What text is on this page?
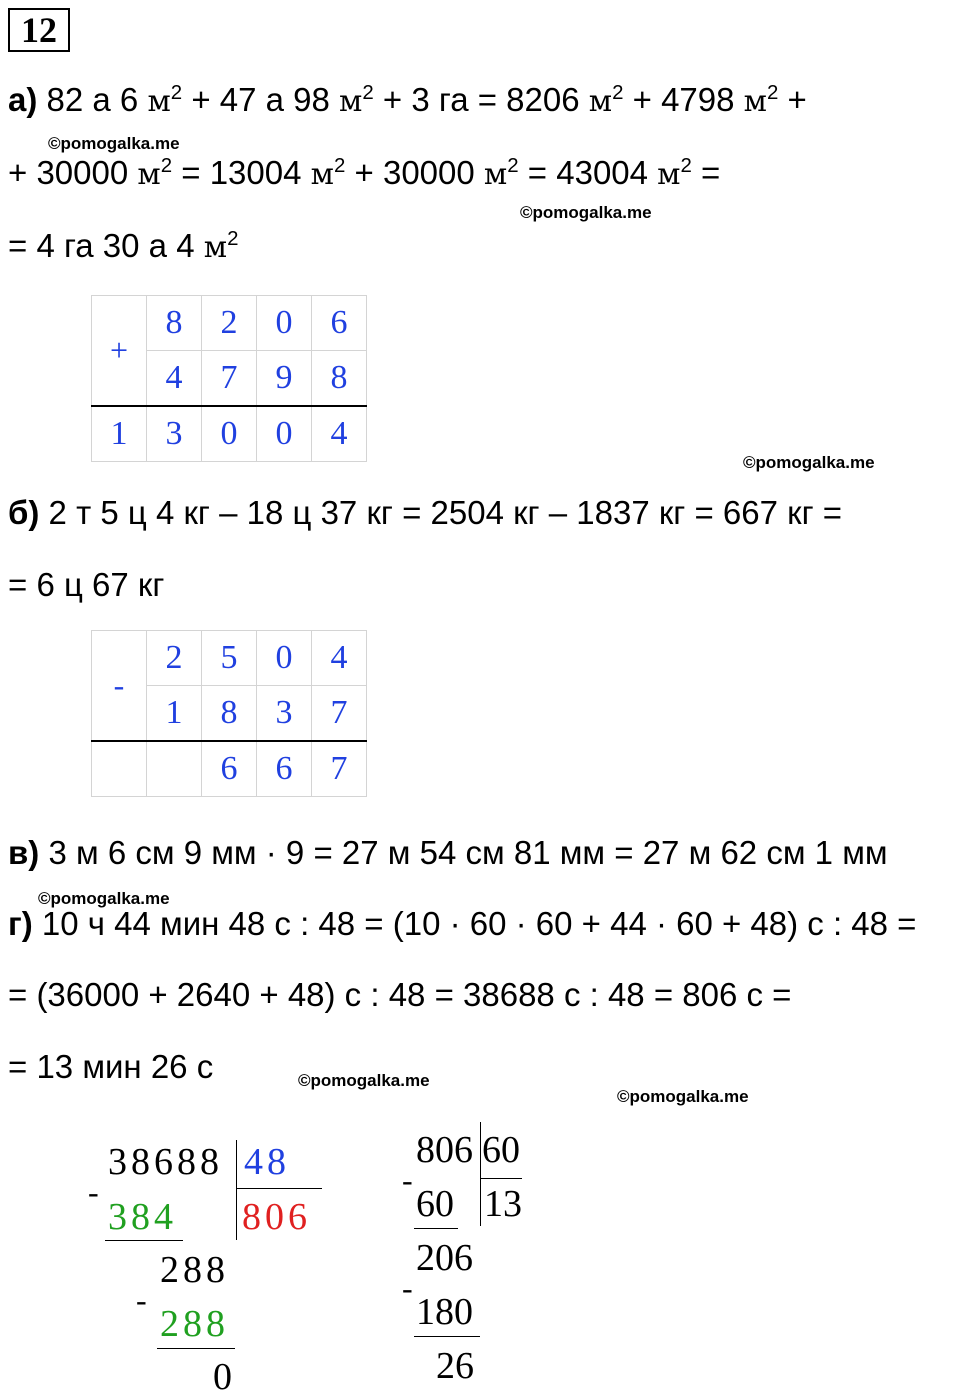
12
а) 82 а 6 $м^2 + 47$ а 98 $м^2 + 3$ га = 8206 $м^2 + 4798$ $м^2$ +
©pomogalka.me
+ 30000 $м^2 = 13004$ $м^2 + 30000$ $м^2 = 43004$ $м^2$ =
©pomogalka.me
= 4 га 30 а 4 $м^2$
+	8	2	0	6
	4	7	9	8
1	3	0	0	4
©pomogalka.me
б) 2 т 5 ц 4 кг – 18 ц 37 кг = 2504 кг – 1837 кг = 667 кг =
= 6 ц 67 кг
-	2	5	0	4
	1	8	3	7
		6	6	7
в) 3 м 6 см 9 мм · 9 = 27 м 54 см 81 мм = 27 м 62 см 1 мм
©pomogalka.me
г) 10 ч 44 мин 48 с : 48 = (10 · 60 · 60 + 44 · 60 + 48) с : 48 =
= (36000 + 2640 + 48) с : 48 = 38688 с : 48 = 806 с =
= 13 мин 26 с	©pomogalka.me
©pomogalka.me
38688 48
806
-
384
288
-
288
0
806 60
13
-
60
206
-
180
26
